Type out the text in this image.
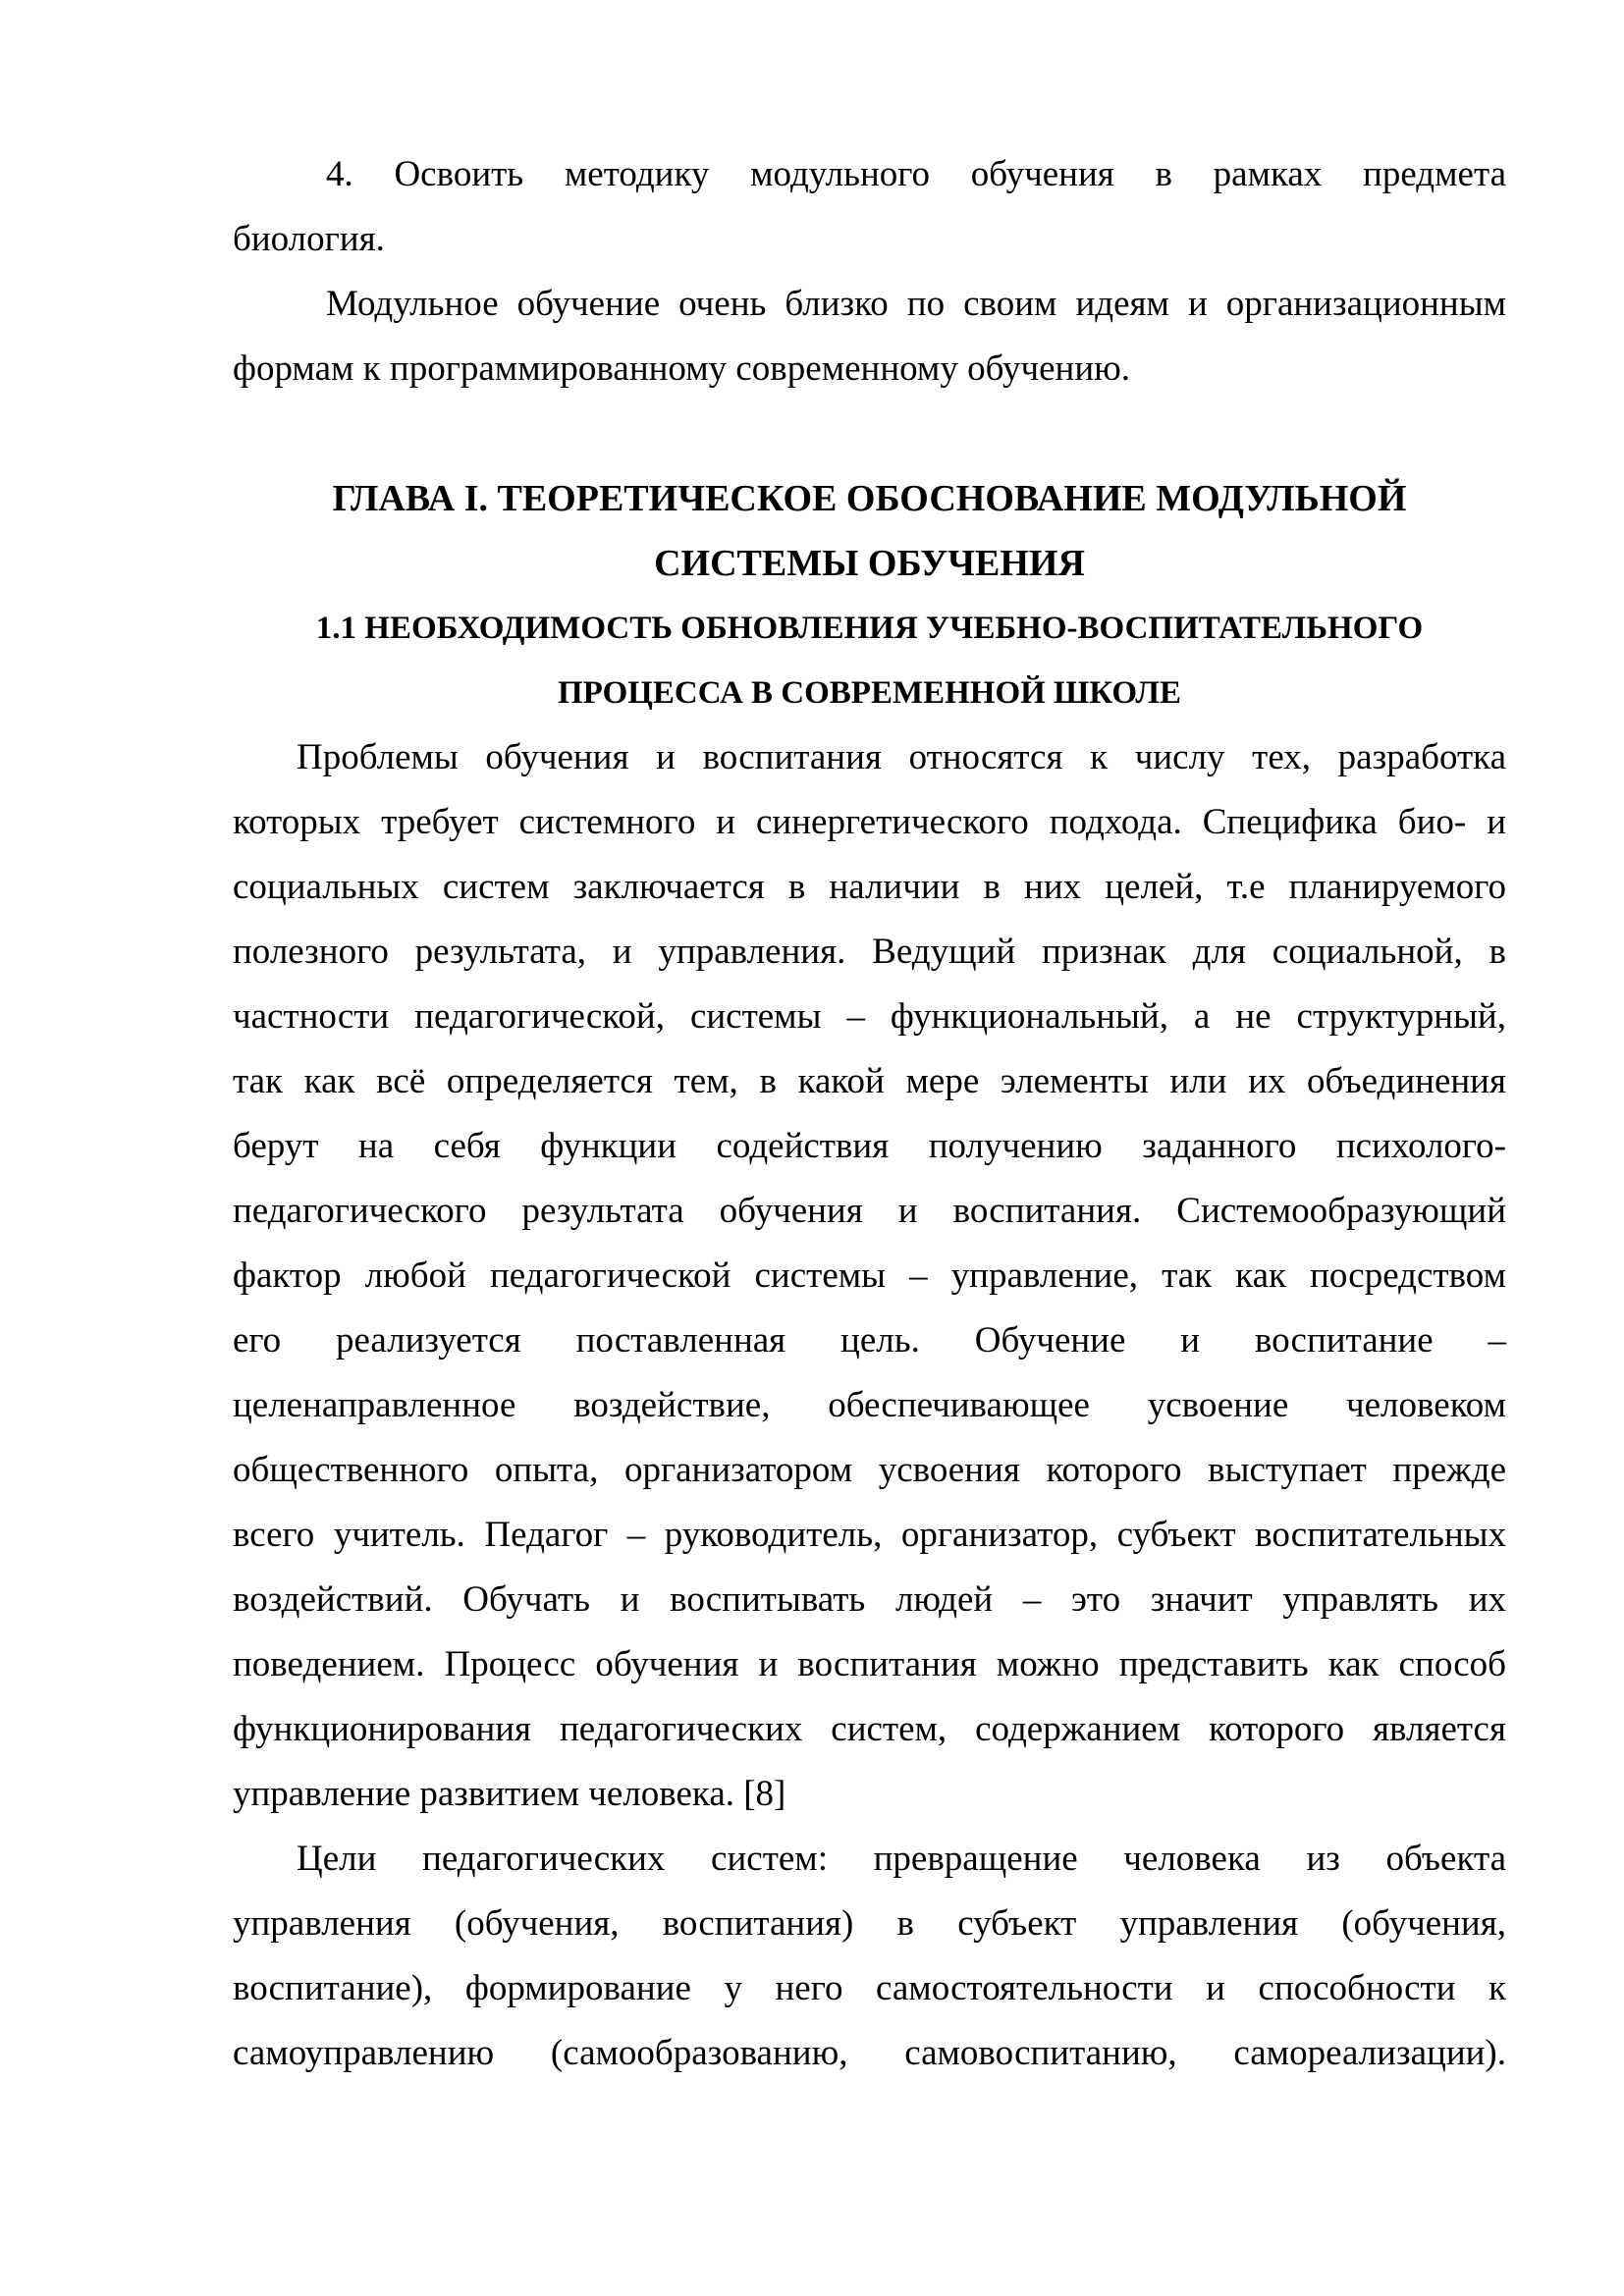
4. Освоить методику модульного обучения в рамках предмета
биология.
Модульное обучение очень близко по своим идеям и организационным
формам к программированному современному обучению.
ГЛАВА I. ТЕОРЕТИЧЕСКОЕ ОБОСНОВАНИЕ МОДУЛЬНОЙ
СИСТЕМЫ ОБУЧЕНИЯ
1.1 НЕОБХОДИМОСТЬ ОБНОВЛЕНИЯ УЧЕБНО-ВОСПИТАТЕЛЬНОГО
ПРОЦЕССА В СОВРЕМЕННОЙ ШКОЛЕ
Проблемы обучения и воспитания относятся к числу тех, разработка
которых требует системного и синергетического подхода. Специфика био- и
социальных систем заключается в наличии в них целей, т.е планируемого
полезного результата, и управления. Ведущий признак для социальной, в
частности педагогической, системы – функциональный, а не структурный,
так как всё определяется тем, в какой мере элементы или их объединения
берут на себя функции содействия получению заданного психолого-
педагогического результата обучения и воспитания. Системообразующий
фактор любой педагогической системы – управление, так как посредством
его реализуется поставленная цель. Обучение и воспитание –
целенаправленное воздействие, обеспечивающее усвоение человеком
общественного опыта, организатором усвоения которого выступает прежде
всего учитель. Педагог – руководитель, организатор, субъект воспитательных
воздействий. Обучать и воспитывать людей – это значит управлять их
поведением. Процесс обучения и воспитания можно представить как способ
функционирования педагогических систем, содержанием которого является
управление развитием человека. [8]
Цели педагогических систем: превращение человека из объекта
управления (обучения, воспитания) в субъект управления (обучения,
воспитание), формирование у него самостоятельности и способности к
самоуправлению (самообразованию, самовоспитанию, самореализации).
